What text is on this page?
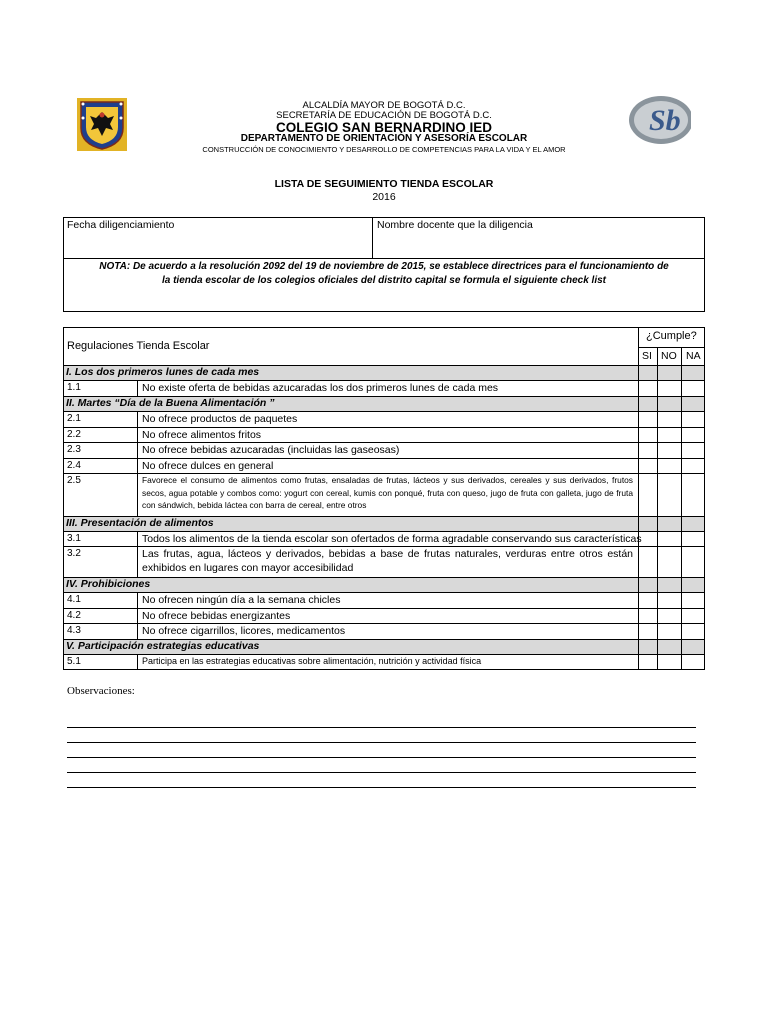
Sb
ALCALDÍA MAYOR DE BOGOTÁ D.C.
SECRETARÍA DE EDUCACIÓN DE BOGOTÁ D.C.
COLEGIO SAN BERNARDINO IED
DEPARTAMENTO DE ORIENTACIÓN Y ASESORÍA ESCOLAR
CONSTRUCCIÓN DE CONOCIMIENTO Y DESARROLLO DE COMPETENCIAS PARA LA VIDA Y EL AMOR
LISTA DE SEGUIMIENTO TIENDA ESCOLAR
2016
Fecha diligenciamiento	Nombre docente que la diligencia
NOTA: De acuerdo a la resolución 2092 del 19 de noviembre de 2015, se establece directrices para el funcionamiento de la tienda escolar de los colegios oficiales del distrito capital se formula el siguiente check list
Regulaciones Tienda Escolar
¿Cumple?
SI NO NA
I. Los dos primeros lunes de cada mes
1.1	No existe oferta de bebidas azucaradas los dos primeros lunes de cada mes
II. Martes “Día de la Buena Alimentación ”
2.1	No ofrece productos de paquetes
2.2	No ofrece alimentos fritos
2.3	No ofrece bebidas azucaradas (incluidas las gaseosas)
2.4	No ofrece dulces en general
2.5	Favorece el consumo de alimentos como frutas, ensaladas de frutas, lácteos y sus derivados, cereales y sus derivados, frutos secos, agua potable y combos como: yogurt con cereal, kumis con ponqué, fruta con queso, jugo de fruta con galleta, jugo de fruta con sándwich, bebida láctea con barra de cereal, entre otros
III. Presentación de alimentos
3.1	Todos los alimentos de la tienda escolar son ofertados de forma agradable conservando sus características
3.2	Las frutas, agua, lácteos y derivados, bebidas a base de frutas naturales, verduras entre otros están exhibidos en lugares con mayor accesibilidad
IV. Prohibiciones
4.1	No ofrecen ningún día a la semana chicles
4.2	No ofrece bebidas energizantes
4.3	No ofrece cigarrillos, licores, medicamentos
V. Participación estrategias educativas
5.1	Participa en las estrategias educativas sobre alimentación, nutrición y actividad física
Observaciones:
